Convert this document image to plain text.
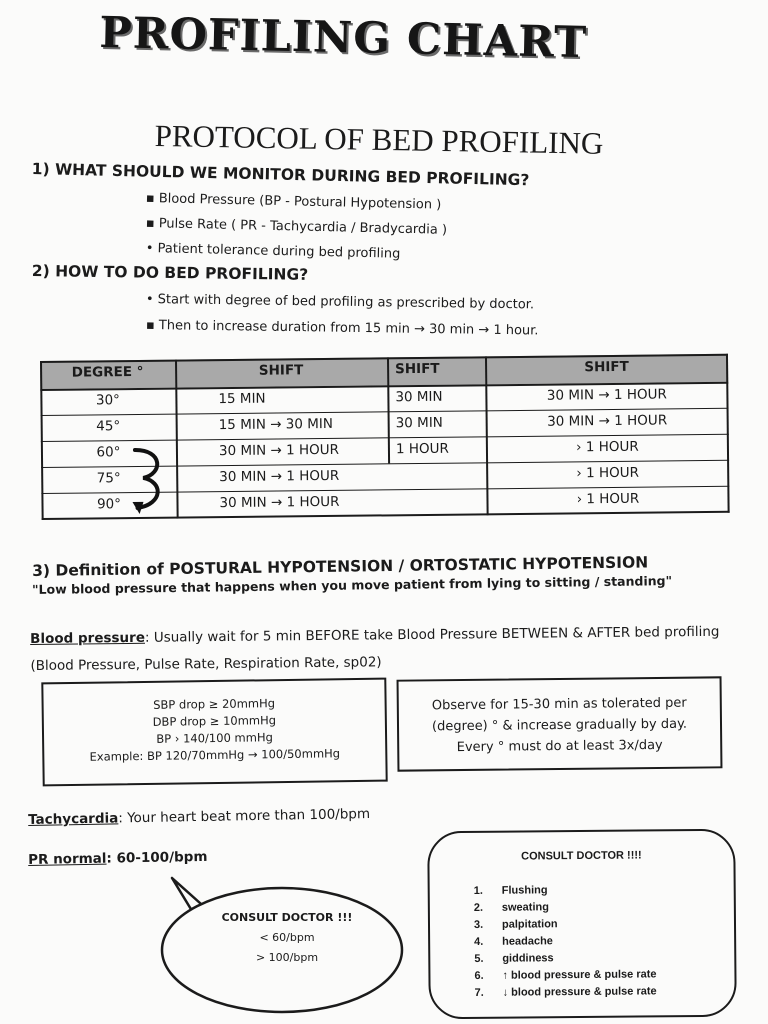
PROFILING CHART
PROTOCOL OF BED PROFILING
1) WHAT SHOULD WE MONITOR DURING BED PROFILING?
▪ Blood Pressure (BP - Postural Hypotension )
▪ Pulse Rate ( PR - Tachycardia / Bradycardia )
• Patient tolerance during bed profiling
2) HOW TO DO BED PROFILING?
• Start with degree of bed profiling as prescribed by doctor.
▪ Then to increase duration from 15 min → 30 min → 1 hour.
DEGREE °	SHIFT	SHIFT	SHIFT
30°	15 MIN	30 MIN	30 MIN → 1 HOUR
45°	15 MIN → 30 MIN	30 MIN	30 MIN → 1 HOUR
60°	30 MIN → 1 HOUR	1 HOUR	› 1 HOUR
75°	30 MIN → 1 HOUR	› 1 HOUR
90°	30 MIN → 1 HOUR	› 1 HOUR
3) Definition of POSTURAL HYPOTENSION / ORTOSTATIC HYPOTENSION
"Low blood pressure that happens when you move patient from lying to sitting / standing"
Blood pressure: Usually wait for 5 min BEFORE take Blood Pressure BETWEEN & AFTER bed profiling (Blood Pressure, Pulse Rate, Respiration Rate, sp02)
SBP drop ≥ 20mmHg
DBP drop ≥ 10mmHg
BP › 140/100 mmHg
Example: BP 120/70mmHg → 100/50mmHg
Observe for 15-30 min as tolerated per
(degree) ° & increase gradually by day.
Every ° must do at least 3x/day
Tachycardia: Your heart beat more than 100/bpm
PR normal: 60-100/bpm
CONSULT DOCTOR !!!
< 60/bpm
> 100/bpm
CONSULT DOCTOR !!!!
1. Flushing
2. sweating
3. palpitation
4. headache
5. giddiness
6. ↑ blood pressure & pulse rate
7. ↓ blood pressure & pulse rate
